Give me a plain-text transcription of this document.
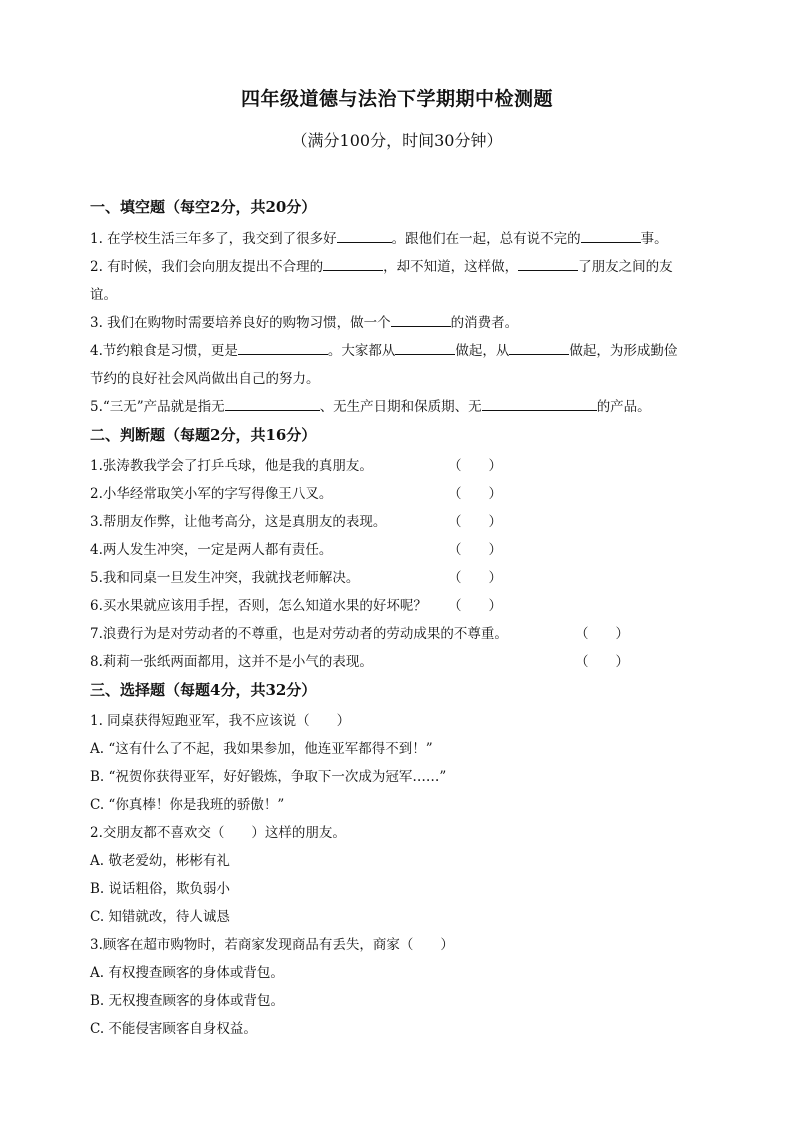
四年级道德与法治下学期期中检测题
（满分100分，时间30分钟）
一、填空题（每空2分，共20分）
1. 在学校生活三年多了，我交到了很多好	。跟他们在一起，总有说不完的	事。
2. 有时候，我们会向朋友提出不合理的	，却不知道，这样做，	了朋友之间的友
谊。
3. 我们在购物时需要培养良好的购物习惯，做一个	的消费者。
4.节约粮食是习惯，更是	。大家都从	做起，从	做起，为形成勤俭
节约的良好社会风尚做出自己的努力。
5.“三无”产品就是指无	、无生产日期和保质期、无	的产品。
二、判断题（每题2分，共16分）
1.张涛教我学会了打乒乓球，他是我的真朋友。	（　　）
2.小华经常取笑小军的字写得像王八叉。	（　　）
3.帮朋友作弊，让他考高分，这是真朋友的表现。	（　　）
4.两人发生冲突，一定是两人都有责任。	（　　）
5.我和同桌一旦发生冲突，我就找老师解决。	（　　）
6.买水果就应该用手捏，否则，怎么知道水果的好坏呢？ （　　）
7.浪费行为是对劳动者的不尊重，也是对劳动者的劳动成果的不尊重。	（　　）
8.莉莉一张纸两面都用，这并不是小气的表现。	（　　）
三、选择题（每题4分，共32分）
1. 同桌获得短跑亚军，我不应该说（　　）
A. “这有什么了不起，我如果参加，他连亚军都得不到！”
B. “祝贺你获得亚军，好好锻炼，争取下一次成为冠军……”
C. “你真棒！你是我班的骄傲！”
2.交朋友都不喜欢交（　　）这样的朋友。
A. 敬老爱幼，彬彬有礼
B. 说话粗俗，欺负弱小
C. 知错就改，待人诚恳
3.顾客在超市购物时，若商家发现商品有丢失，商家（　　）
A. 有权搜查顾客的身体或背包。
B. 无权搜查顾客的身体或背包。
C. 不能侵害顾客自身权益。
